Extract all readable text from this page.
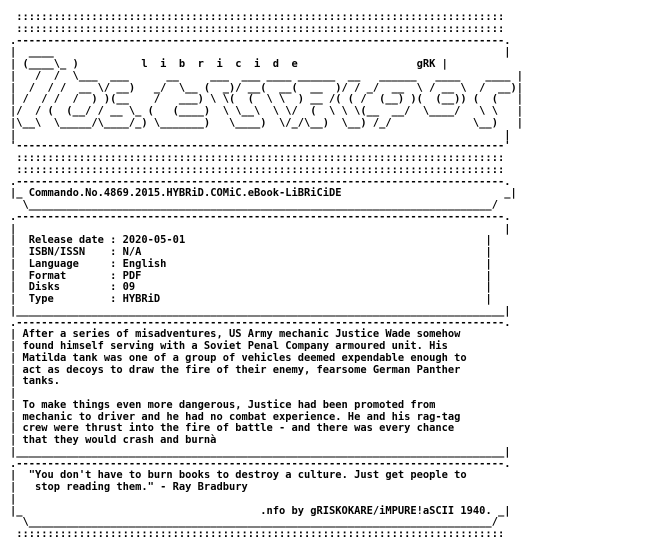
::::::::::::::::::::::::::::::::::::::::::::::::::::::::::::::::::::::::::::::
::::::::::::::::::::::::::::::::::::::::::::::::::::::::::::::::::::::::::::::
.------------------------------------------------------------------------------.
|  ____                                                                        |
| (____\_ )	l  i  b  r  i  c  i  d  e	gRK |
|   /  /  \___  ___      __     ___  ___ ____ ______  __   ______   ____    ____ |
|  /  / /  __ \/ __)   _/  \__ (  _)/ __(  __(  __  )/ / _/  __  \ / __ \  /  __)|
| /  / /  /  ) )(__    /   ___) \ \(  (  \ \  ) __ /( ( /  (__) )(  (__)) (  (   |
|/  / (  (__/ / __ \_ (   (____)  \ \__\  \ \/  (  \ \ \(__  __/  \____/   \ \   |
|\__\  \_____/\____/_) \_______)   \____)  \/_/\__)  \__) /_/             \__)   |
|                                                                              |
'------------------------------------------------------------------------------'
::::::::::::::::::::::::::::::::::::::::::::::::::::::::::::::::::::::::::::::
::::::::::::::::::::::::::::::::::::::::::::::::::::::::::::::::::::::::::::::
.------------------------------------------------------------------------------.
|_ Commando.No.4869.2015.HYBRiD.COMiC.eBook-LiBRiCiDE	_|
\__________________________________________________________________________/
.------------------------------------------------------------------------------.
|                                                                              |
|  Release date : 2020-05-01	|
|  ISBN/ISSN    : N/A	|
|  Language     : English	|
|  Format       : PDF	|
|  Disks        : 09	|
|  Type         : HYBRiD	|
|______________________________________________________________________________|
.------------------------------------------------------------------------------.
| After a series of misadventures, US Army mechanic Justice Wade somehow
| found himself serving with a Soviet Penal Company armoured unit. His
| Matilda tank was one of a group of vehicles deemed expendable enough to
| act as decoys to draw the fire of their enemy, fearsome German Panther
| tanks.
|
| To make things even more dangerous, Justice had been promoted from
| mechanic to driver and he had no combat experience. He and his rag-tag
| crew were thrust into the fire of battle - and there was every chance
| that they would crash and burnà
|______________________________________________________________________________|
.------------------------------------------------------------------------------.
|  "You don't have to burn books to destroy a culture. Just get people to
|   stop reading them." - Ray Bradbury
|
|_	.nfo by gRISKOKARE/iMPURE!aSCII 1940. _|
\__________________________________________________________________________/
::::::::::::::::::::::::::::::::::::::::::::::::::::::::::::::::::::::::::::::
